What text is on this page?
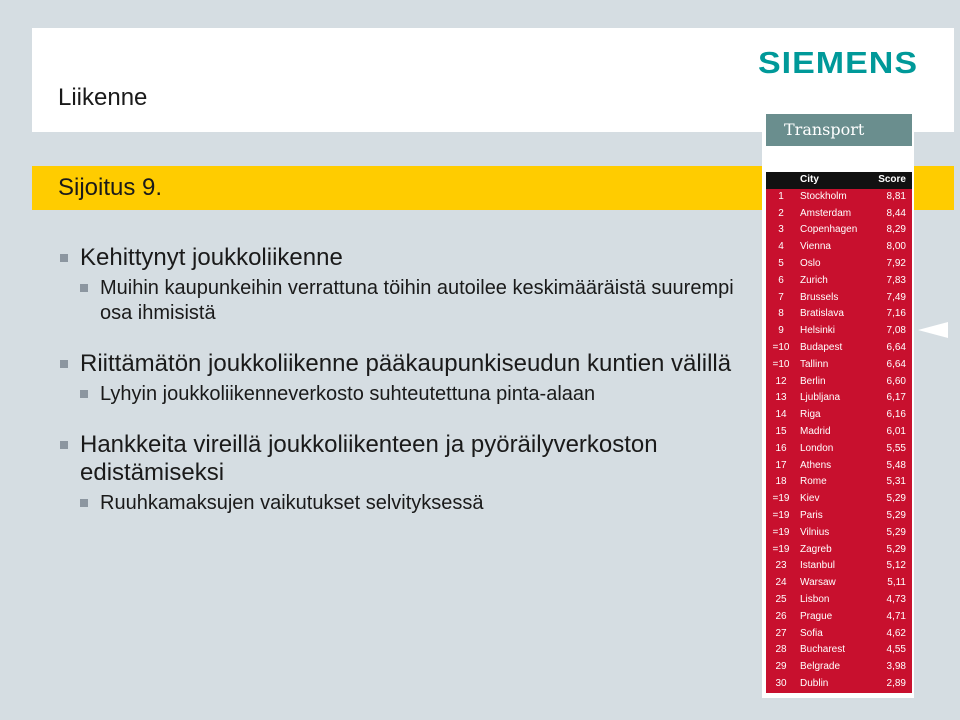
Liikenne
SIEMENS
Sijoitus 9.
Kehittynyt joukkoliikenne
Muihin kaupunkeihin verrattuna töihin autoilee keskimääräistä suurempi osa ihmisistä
Riittämätön joukkoliikenne pääkaupunkiseudun kuntien välillä
Lyhyin joukkoliikenneverkosto suhteutettuna pinta-alaan
Hankkeita vireillä joukkoliikenteen ja pyöräilyverkoston edistämiseksi
Ruuhkamaksujen vaikutukset selvityksessä
Transport
City	Score
1	Stockholm	8,81
2	Amsterdam	8,44
3	Copenhagen	8,29
4	Vienna	8,00
5	Oslo	7,92
6	Zurich	7,83
7	Brussels	7,49
8	Bratislava	7,16
9	Helsinki	7,08
=10	Budapest	6,64
=10	Tallinn	6,64
12	Berlin	6,60
13	Ljubljana	6,17
14	Riga	6,16
15	Madrid	6,01
16	London	5,55
17	Athens	5,48
18	Rome	5,31
=19	Kiev	5,29
=19	Paris	5,29
=19	Vilnius	5,29
=19	Zagreb	5,29
23	Istanbul	5,12
24	Warsaw	5,11
25	Lisbon	4,73
26	Prague	4,71
27	Sofia	4,62
28	Bucharest	4,55
29	Belgrade	3,98
30	Dublin	2,89
